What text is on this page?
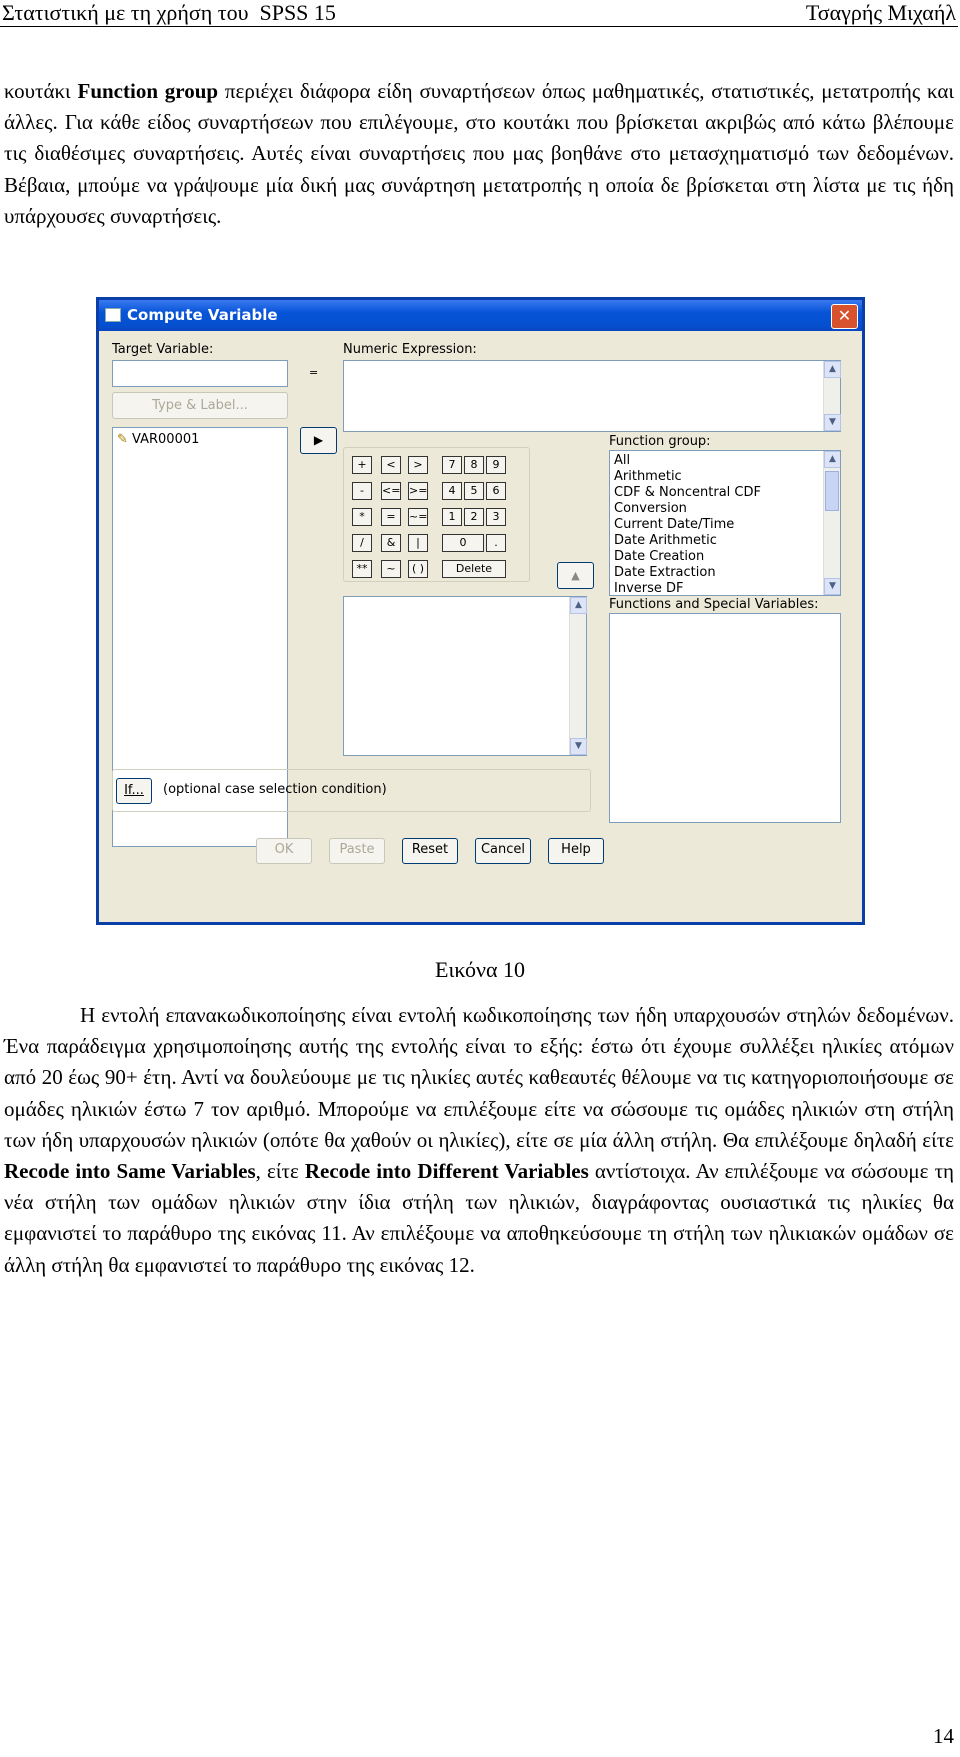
Στατιστική με τη χρήση του  SPSS 15	Τσαγρής Μιχαήλ
κουτάκι Function group περιέχει διάφορα είδη συναρτήσεων όπως μαθηματικές, στατιστικές, μετατροπής και άλλες. Για κάθε είδος συναρτήσεων που επιλέγουμε, στο κουτάκι που βρίσκεται ακριβώς από κάτω βλέπουμε τις διαθέσιμες συναρτήσεις. Αυτές είναι συναρτήσεις που μας βοηθάνε στο μετασχηματισμό των δεδομένων. Βέβαια, μπούμε να γράψουμε μία δική μας συνάρτηση μετατροπής η οποία δε βρίσκεται στη λίστα με τις ήδη υπάρχουσες συναρτήσεις.
Compute Variable	✕
Target Variable:
=
Numeric Expression:
▲
▼
Type & Label...
✎ VAR00001	▶
+	<	>	7	8	9
-	<= >=	4	5	6
*	=	~=	1	2	3
/	&	|	0	.
**	~	( )	Delete
Function group:
All
Arithmetic
CDF & Noncentral CDF
Conversion
Current Date/Time
Date Arithmetic
Date Creation
Date Extraction
Inverse DF
▲
▼
▲
▲
▼
Functions and Special Variables:
If...	(optional case selection condition)
OK	Paste	Reset	Cancel	Help
Εικόνα 10
Η εντολή επανακωδικοποίησης είναι εντολή κωδικοποίησης των ήδη υπαρχουσών στηλών δεδομένων. Ένα παράδειγμα χρησιμοποίησης αυτής της εντολής είναι το εξής: έστω ότι έχουμε συλλέξει ηλικίες ατόμων από 20 έως 90+ έτη. Αντί να δουλεύουμε με τις ηλικίες αυτές καθεαυτές θέλουμε να τις κατηγοριοποιήσουμε σε ομάδες ηλικιών έστω 7 τον αριθμό. Μπορούμε να επιλέξουμε είτε να σώσουμε τις ομάδες ηλικιών στη στήλη των ήδη υπαρχουσών ηλικιών (οπότε θα χαθούν οι ηλικίες), είτε σε μία άλλη στήλη. Θα επιλέξουμε δηλαδή είτε Recode into Same Variables, είτε Recode into Different Variables αντίστοιχα. Αν επιλέξουμε να σώσουμε τη νέα στήλη των ομάδων ηλικιών στην ίδια στήλη των ηλικιών, διαγράφοντας ουσιαστικά τις ηλικίες θα εμφανιστεί το παράθυρο της εικόνας 11. Αν επιλέξουμε να αποθηκεύσουμε τη στήλη των ηλικιακών ομάδων σε άλλη στήλη θα εμφανιστεί το παράθυρο της εικόνας 12.
14
